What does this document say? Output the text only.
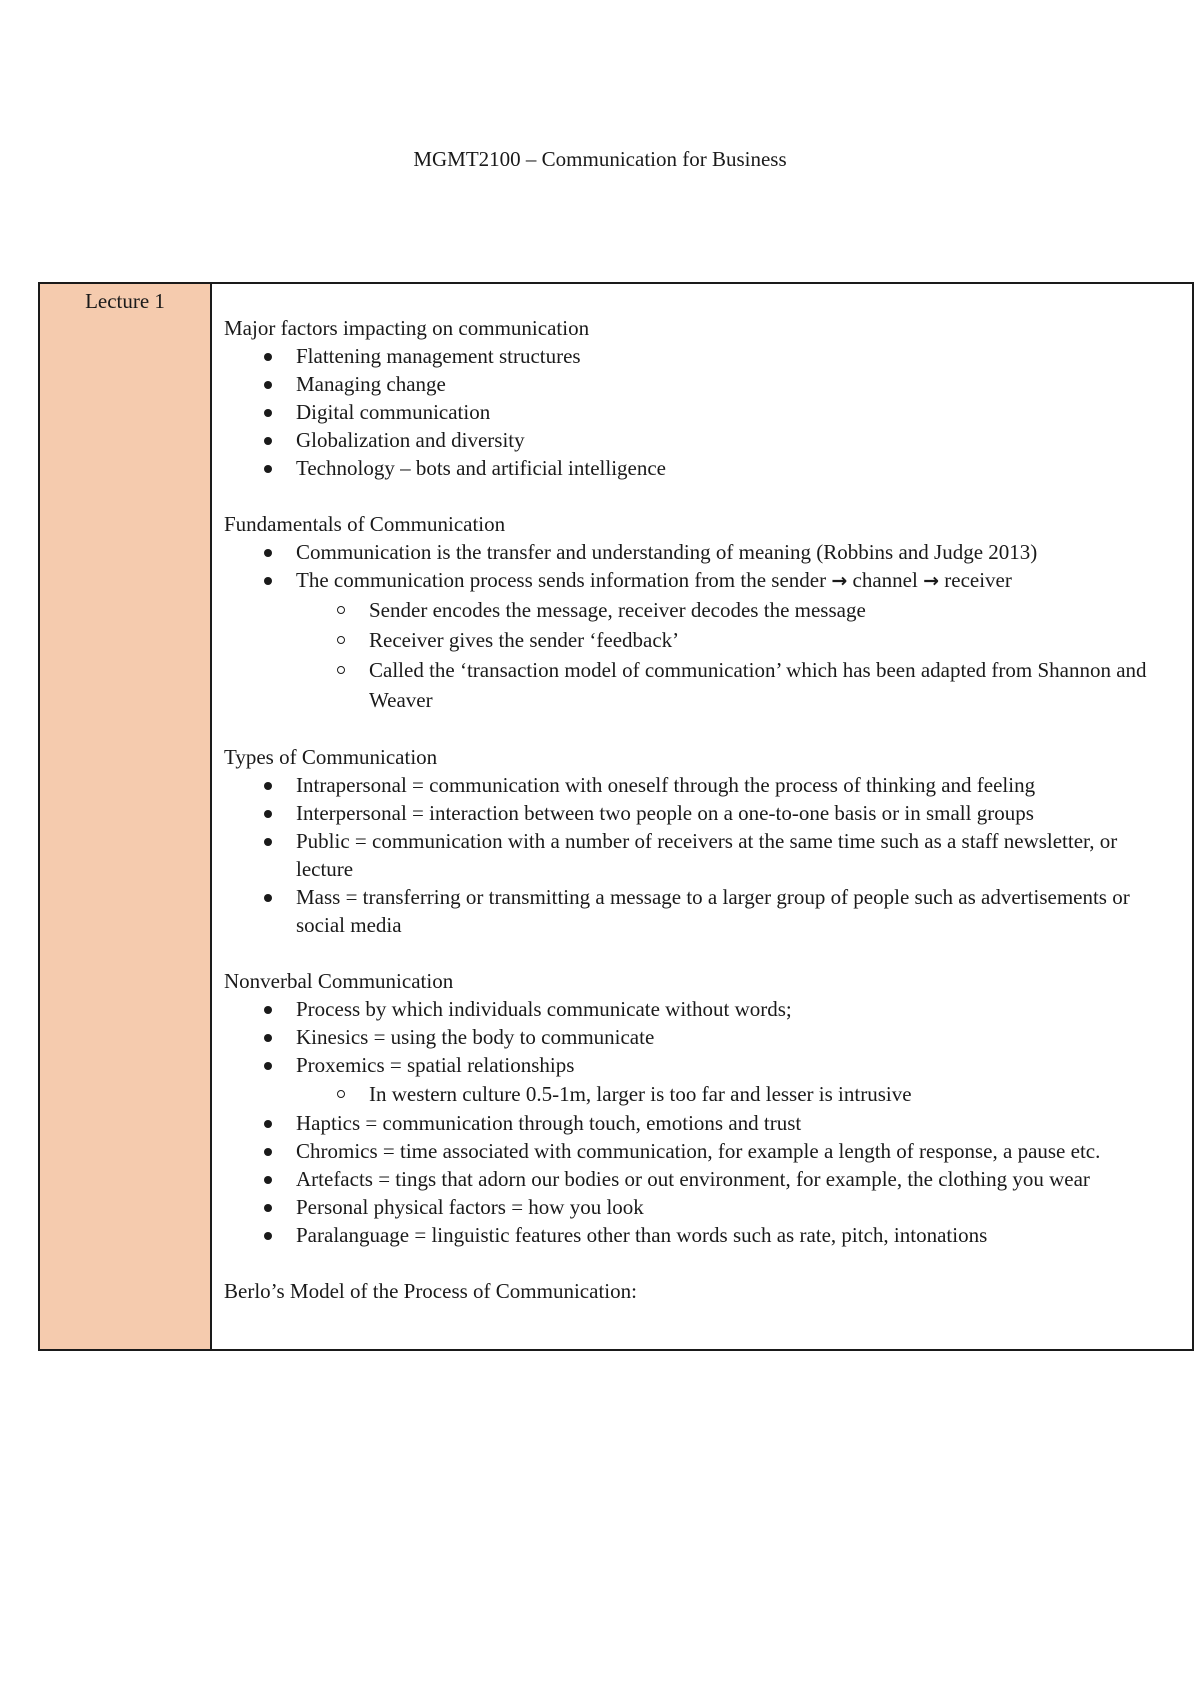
MGMT2100 – Communication for Business
Lecture 1
Major factors impacting on communication
Flattening management structures
Managing change
Digital communication
Globalization and diversity
Technology – bots and artificial intelligence
Fundamentals of Communication
Communication is the transfer and understanding of meaning (Robbins and Judge 2013)
The communication process sends information from the sender → channel → receiver
Sender encodes the message, receiver decodes the message
Receiver gives the sender ‘feedback’
Called the ‘transaction model of communication’ which has been adapted from Shannon and Weaver
Types of Communication
Intrapersonal = communication with oneself through the process of thinking and feeling
Interpersonal = interaction between two people on a one-to-one basis or in small groups
Public = communication with a number of receivers at the same time such as a staff newsletter, or lecture
Mass = transferring or transmitting a message to a larger group of people such as advertisements or social media
Nonverbal Communication
Process by which individuals communicate without words;
Kinesics = using the body to communicate
Proxemics = spatial relationships
In western culture 0.5-1m, larger is too far and lesser is intrusive
Haptics = communication through touch, emotions and trust
Chromics = time associated with communication, for example a length of response, a pause etc.
Artefacts = tings that adorn our bodies or out environment, for example, the clothing you wear
Personal physical factors = how you look
Paralanguage = linguistic features other than words such as rate, pitch, intonations
Berlo’s Model of the Process of Communication:
